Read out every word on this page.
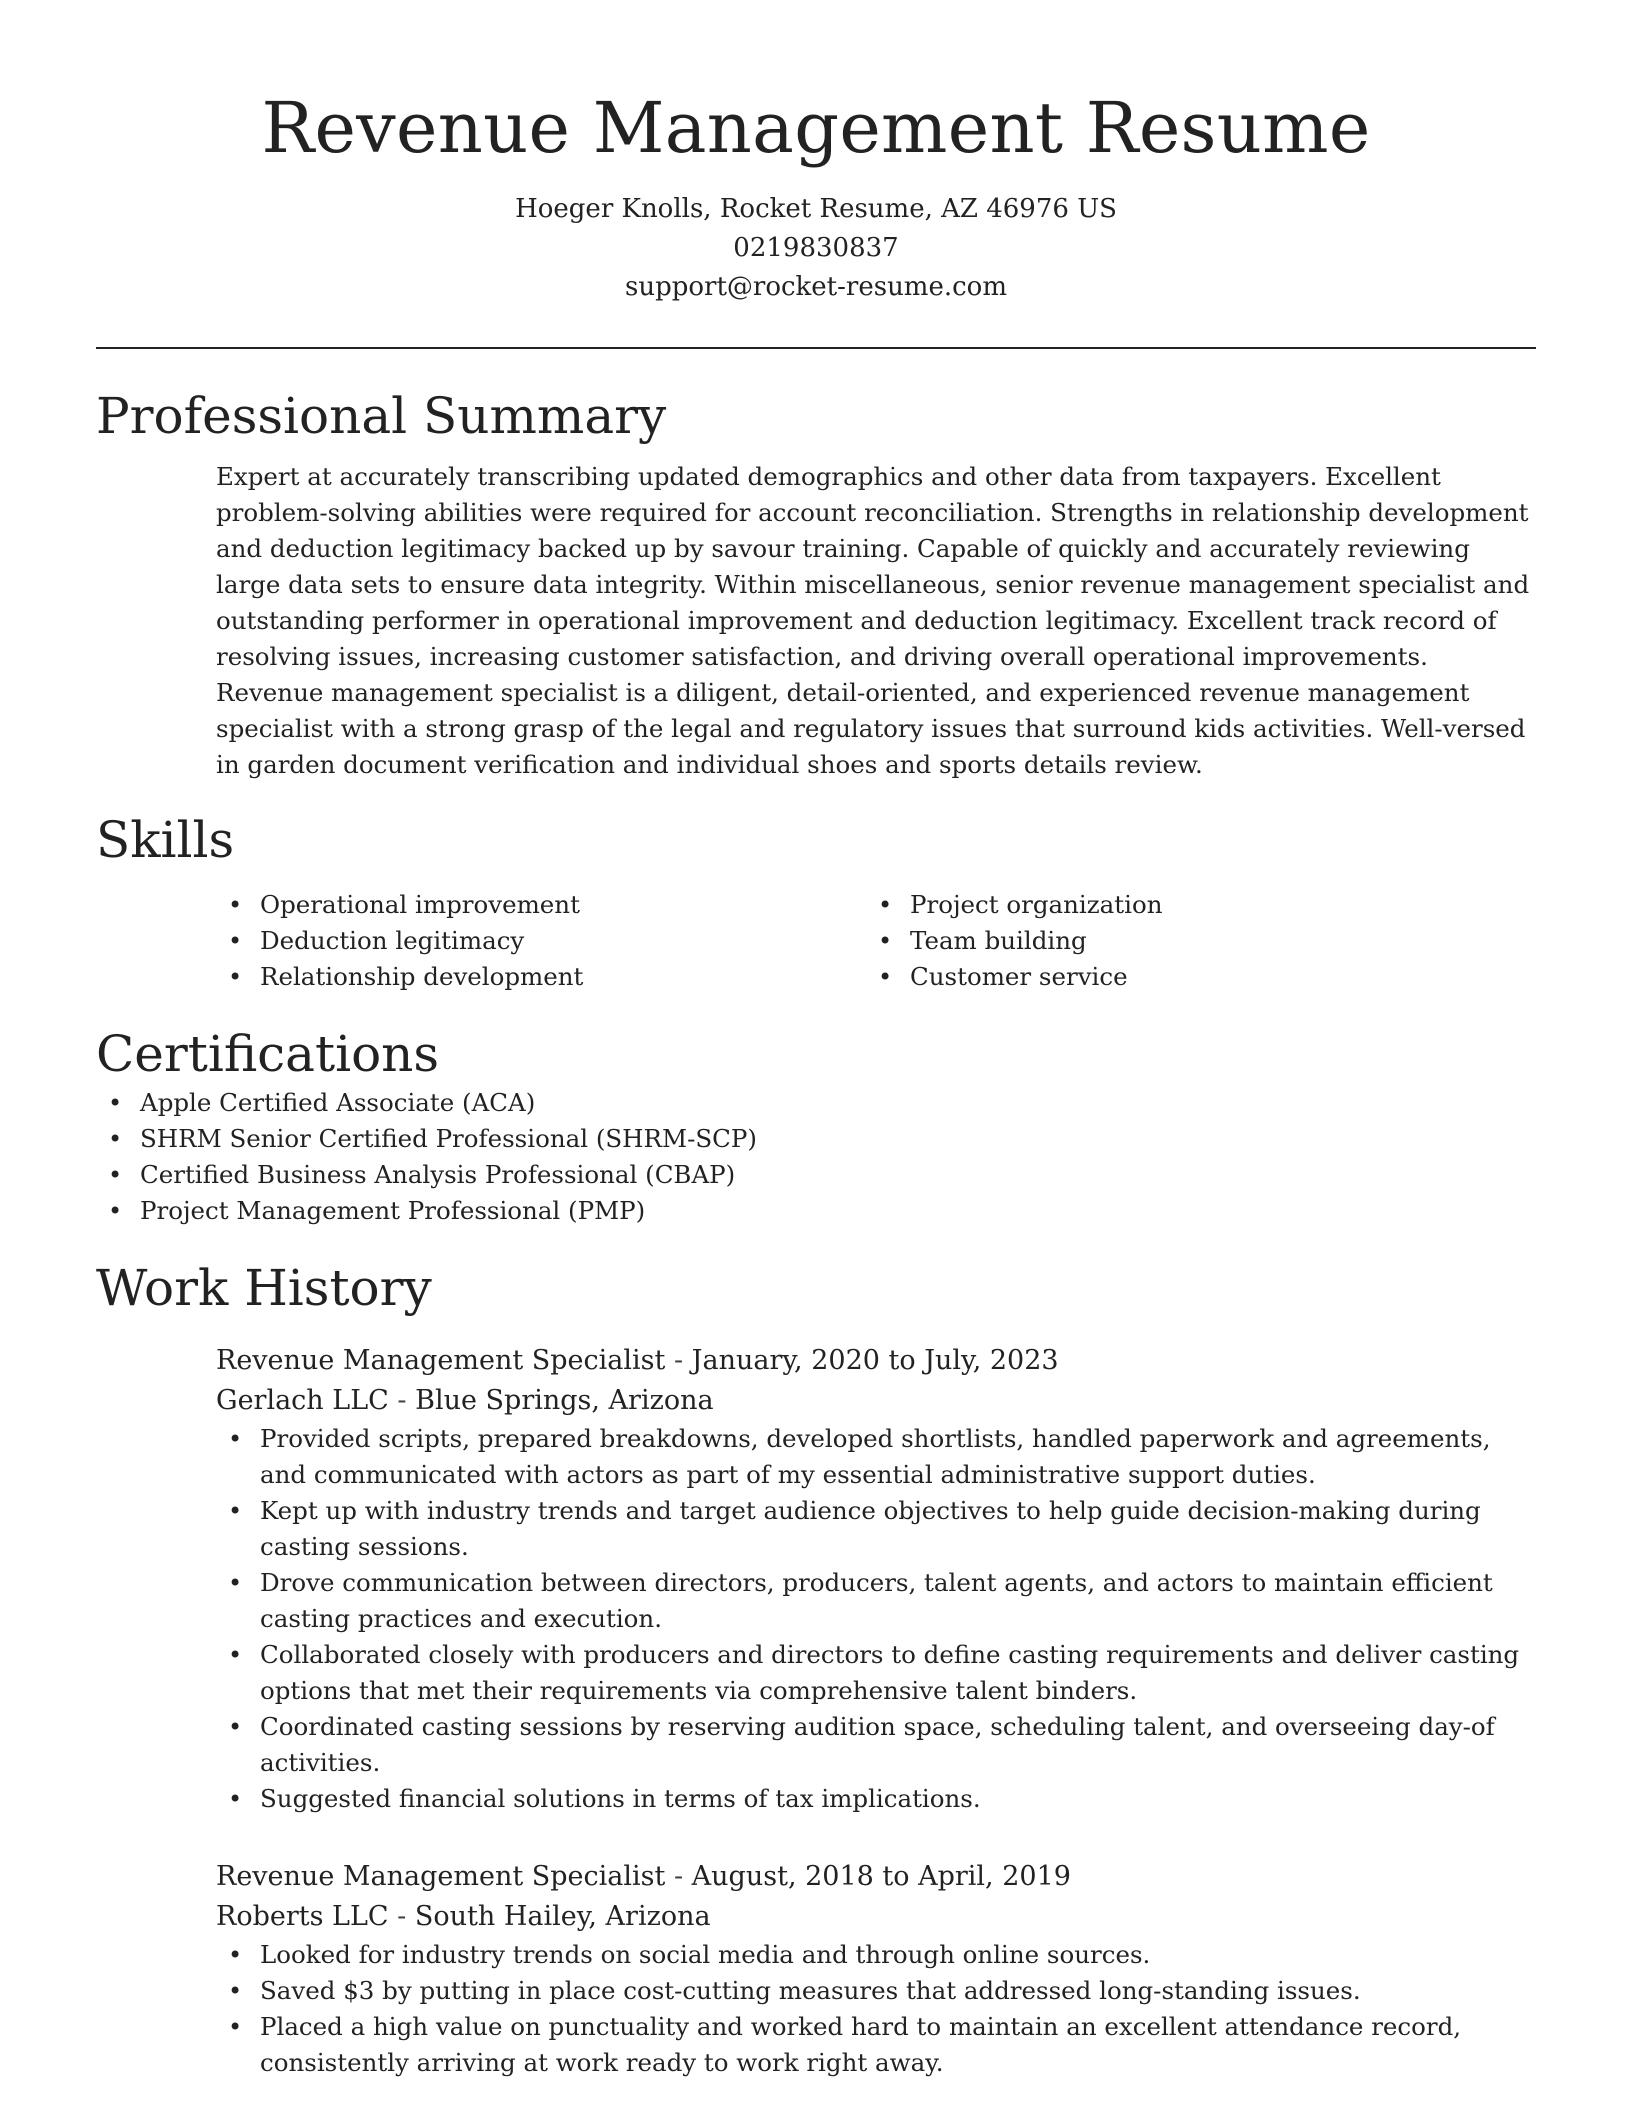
Revenue Management Resume
Hoeger Knolls, Rocket Resume, AZ 46976 US
0219830837
support@rocket-resume.com
Professional Summary

Expert at accurately transcribing updated demographics and other data from taxpayers. Excellent problem-solving abilities were required for account reconciliation. Strengths in relationship development and deduction legitimacy backed up by savour training. Capable of quickly and accurately reviewing large data sets to ensure data integrity. Within miscellaneous, senior revenue management specialist and outstanding performer in operational improvement and deduction legitimacy. Excellent track record of resolving issues, increasing customer satisfaction, and driving overall operational improvements. Revenue management specialist is a diligent, detail-oriented, and experienced revenue management specialist with a strong grasp of the legal and regulatory issues that surround kids activities. Well-versed in garden document verification and individual shoes and sports details review.

Skills
• Operational improvement
• Deduction legitimacy
• Relationship development
• Project organization
• Team building
• Customer service
Certifications
• Apple Certified Associate (ACA)
• SHRM Senior Certified Professional (SHRM-SCP)
• Certified Business Analysis Professional (CBAP)
• Project Management Professional (PMP)
Work History
Revenue Management Specialist - January, 2020 to July, 2023
Gerlach LLC - Blue Springs, Arizona
• Provided scripts, prepared breakdowns, developed shortlists, handled paperwork and agreements, and communicated with actors as part of my essential administrative support duties.
• Kept up with industry trends and target audience objectives to help guide decision-making during casting sessions.
• Drove communication between directors, producers, talent agents, and actors to maintain efficient casting practices and execution.
• Collaborated closely with producers and directors to define casting requirements and deliver casting options that met their requirements via comprehensive talent binders.
• Coordinated casting sessions by reserving audition space, scheduling talent, and overseeing day-of activities.
• Suggested financial solutions in terms of tax implications.
Revenue Management Specialist - August, 2018 to April, 2019
Roberts LLC - South Hailey, Arizona
• Looked for industry trends on social media and through online sources.
• Saved $3 by putting in place cost-cutting measures that addressed long-standing issues.
• Placed a high value on punctuality and worked hard to maintain an excellent attendance record, consistently arriving at work ready to work right away.
